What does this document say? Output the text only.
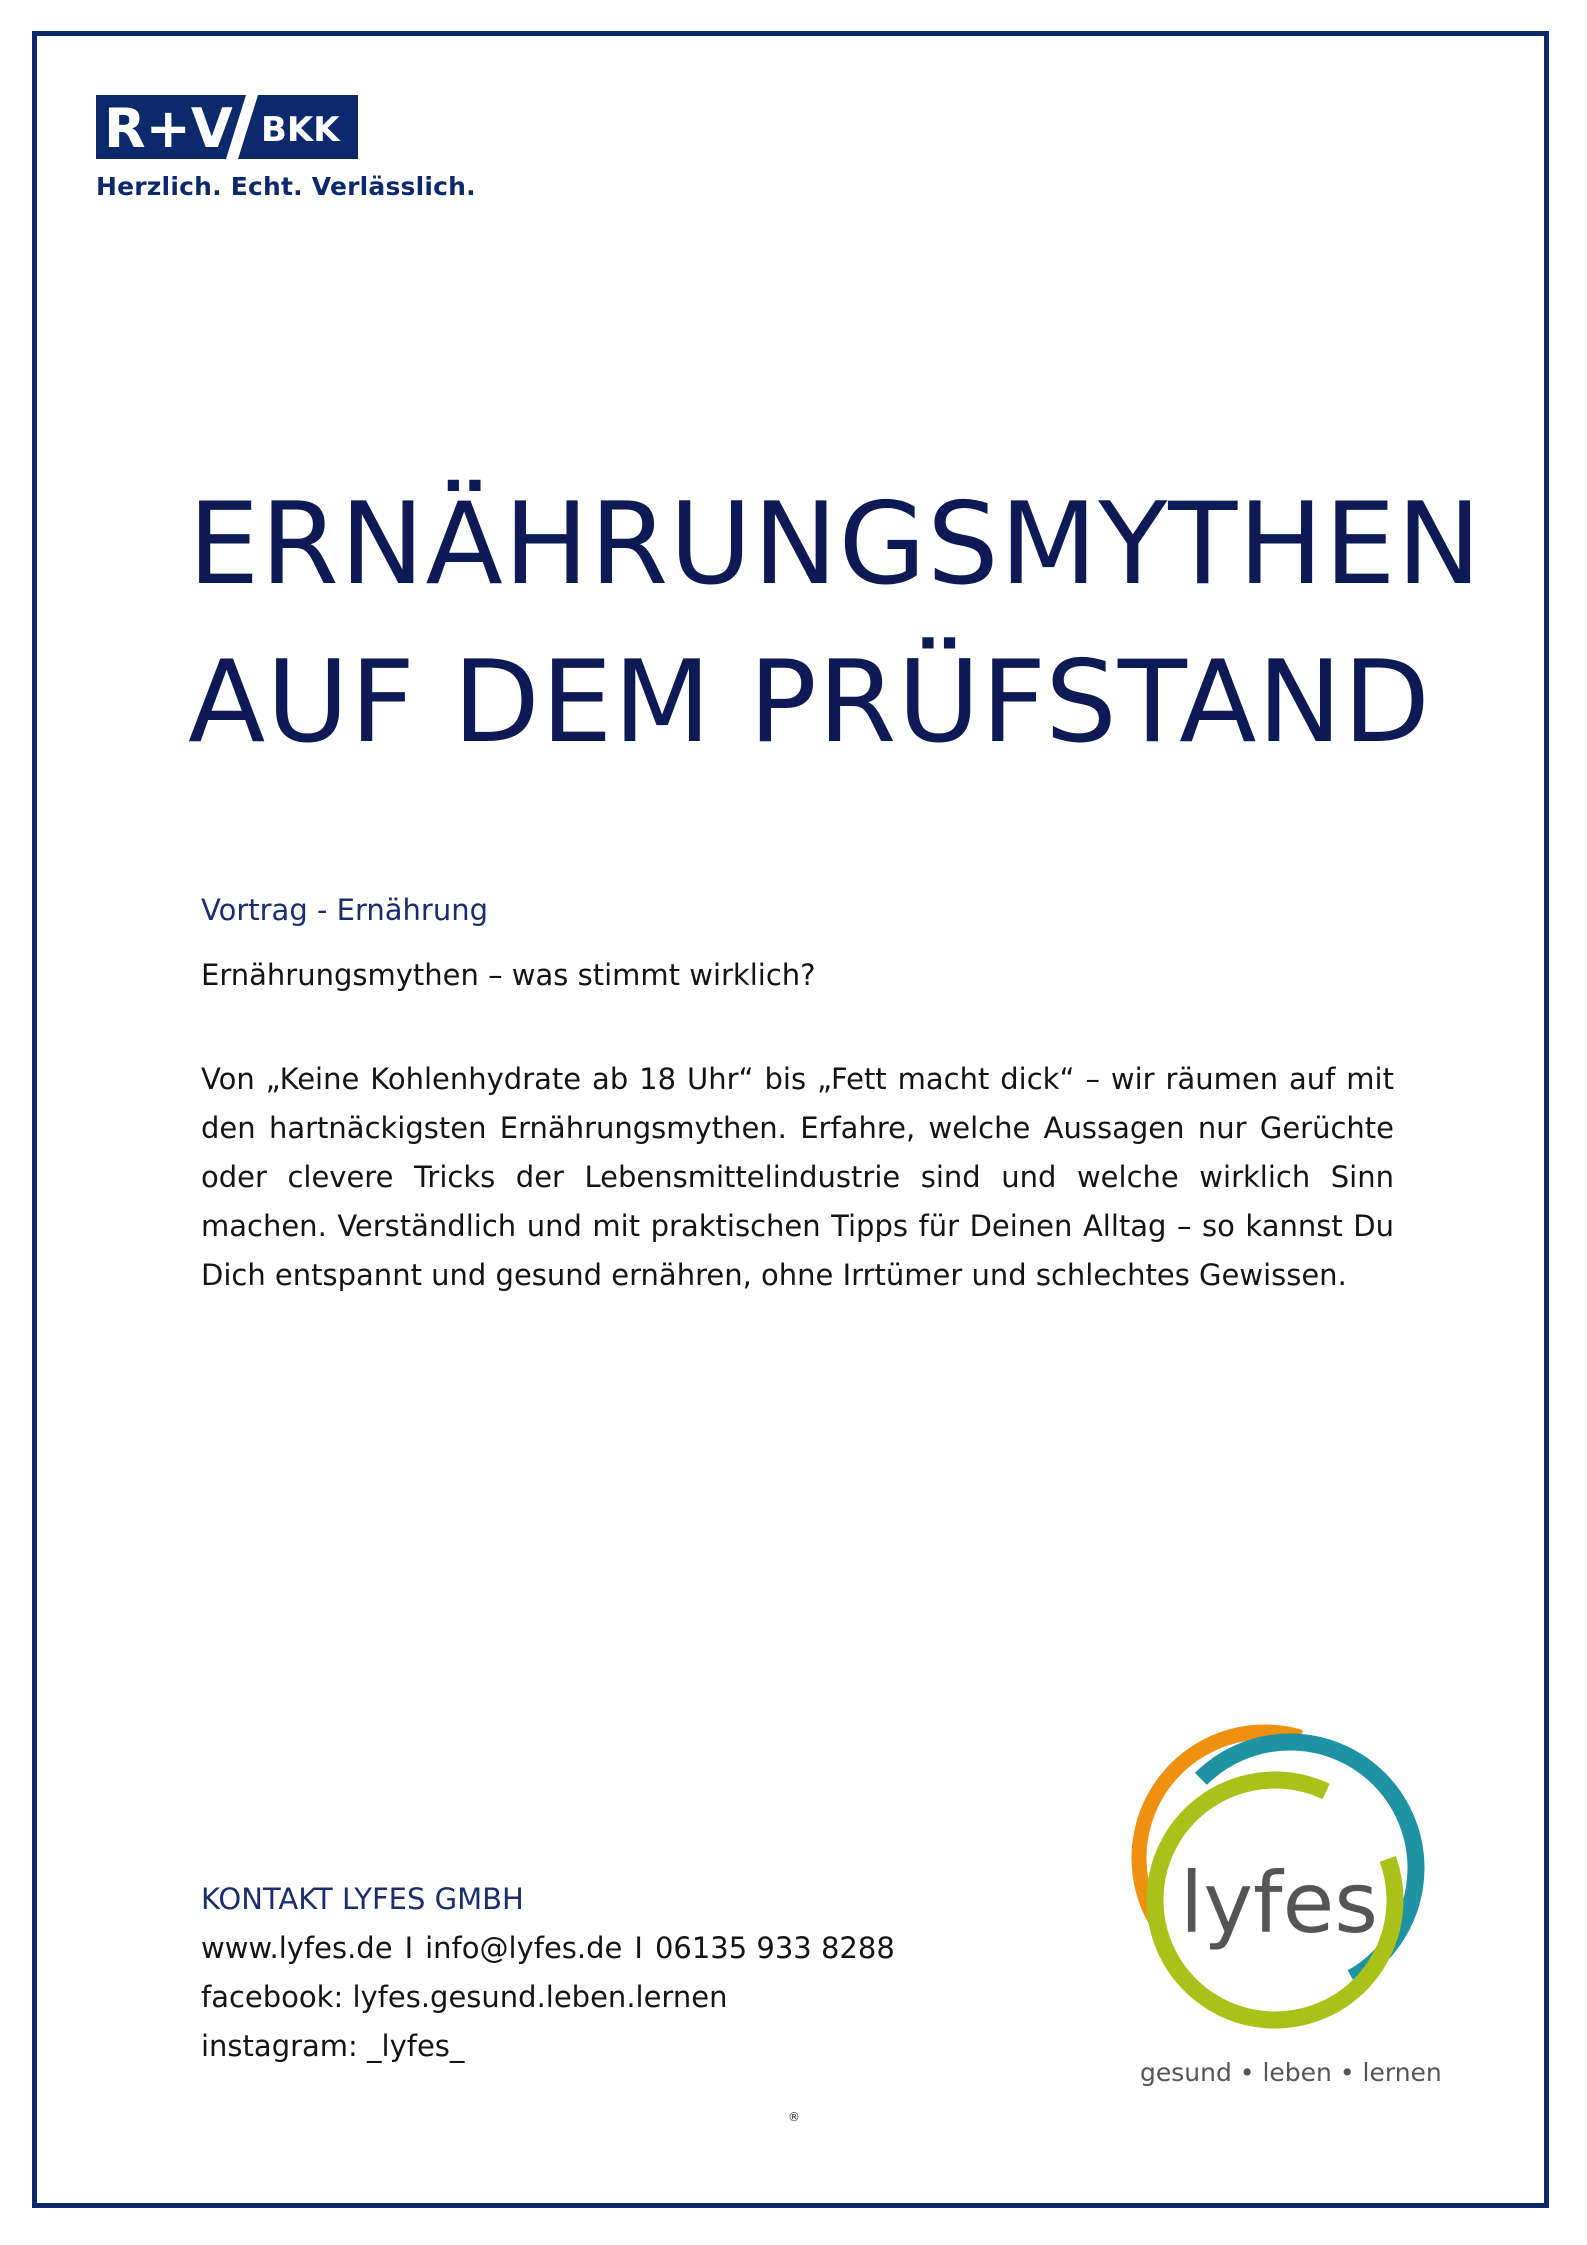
R+V BKK
Herzlich. Echt. Verlässlich.
ERNÄHRUNGSMYTHEN
AUF DEM PRÜFSTAND
Vortrag - Ernährung
Ernährungsmythen – was stimmt wirklich?

Von „Keine Kohlenhydrate ab 18 Uhr“ bis „Fett macht dick“ – wir räumen auf mit den hartnäckigsten Ernährungsmythen. Erfahre, welche Aussagen nur Gerüchte oder clevere Tricks der Lebensmittelindustrie sind und welche wirklich Sinn machen. Verständlich und mit praktischen Tipps für Deinen Alltag – so kannst Du Dich entspannt und gesund ernähren, ohne Irrtümer und schlechtes Gewissen.

KONTAKT LYFES GMBH
www.lyfes.de I info@lyfes.de I 06135 933 8288
facebook: lyfes.gesund.leben.lernen
instagram: _lyfes_
lyfes
gesund • leben • lernen
®
